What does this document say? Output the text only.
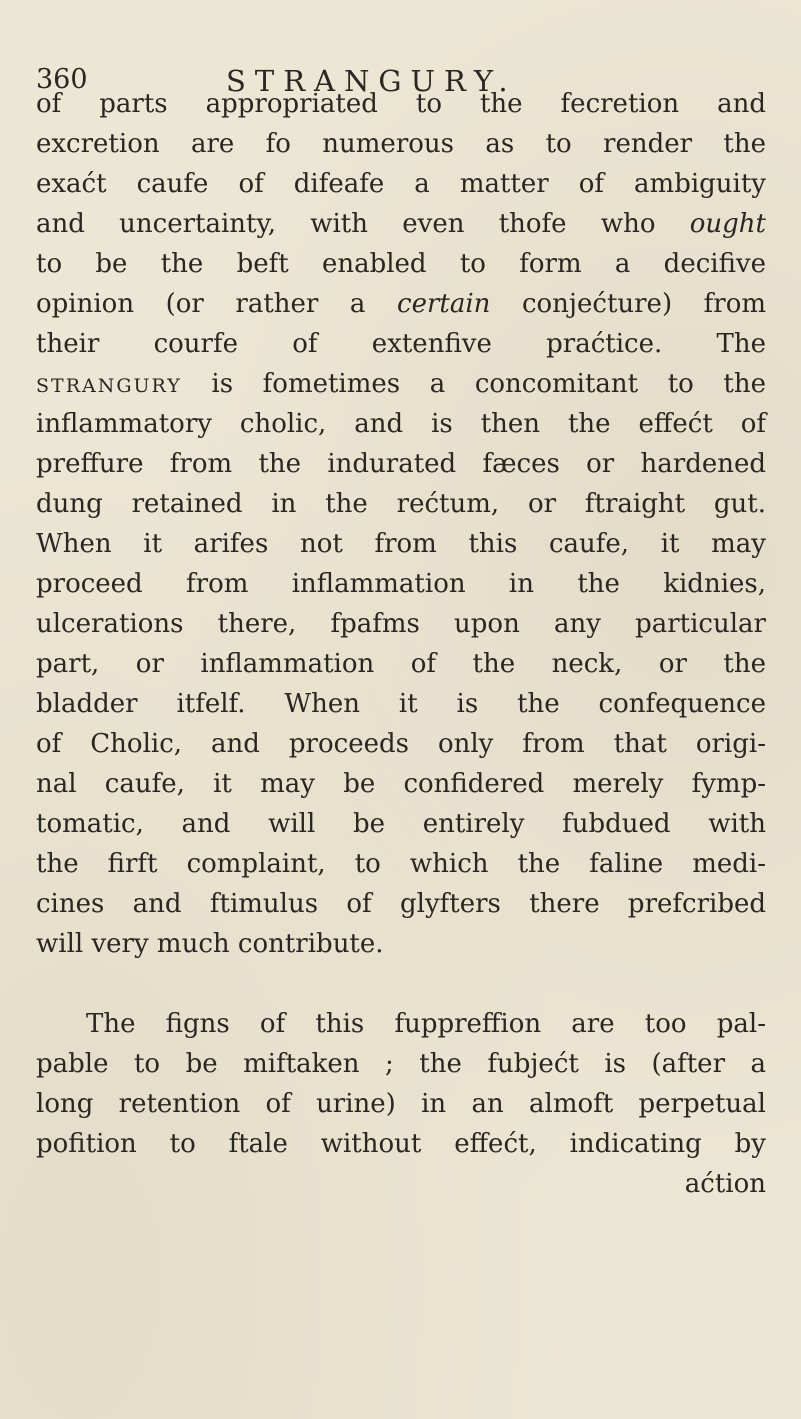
360	STRANGURY.
of parts appropriated to the fecretion and
excretion are fo numerous as to render the
exaćt caufe of difeafe a matter of ambiguity
and uncertainty, with even thofe who ought
to be the beft enabled to form a decifive
opinion (or rather a certain conjećture) from
their courfe of extenfive praćtice. The
STRANGURY is fometimes a concomitant to the
inflammatory cholic, and is then the effećt of
preffure from the indurated fæces or hardened
dung retained in the rećtum, or ftraight gut.
When it arifes not from this caufe, it may
proceed from inflammation in the kidnies,
ulcerations there, fpafms upon any particular
part, or inflammation of the neck, or the
bladder itfelf. When it is the confequence
of Cholic, and proceeds only from that origi-
nal caufe, it may be confidered merely fymp-
tomatic, and will be entirely fubdued with
the firft complaint, to which the faline medi-
cines and ftimulus of glyfters there prefcribed
will very much contribute.
The figns of this fuppreffion are too pal-
pable to be miftaken ; the fubjećt is (after a
long retention of urine) in an almoft perpetual
pofition to ftale without effećt, indicating by
aćtion
